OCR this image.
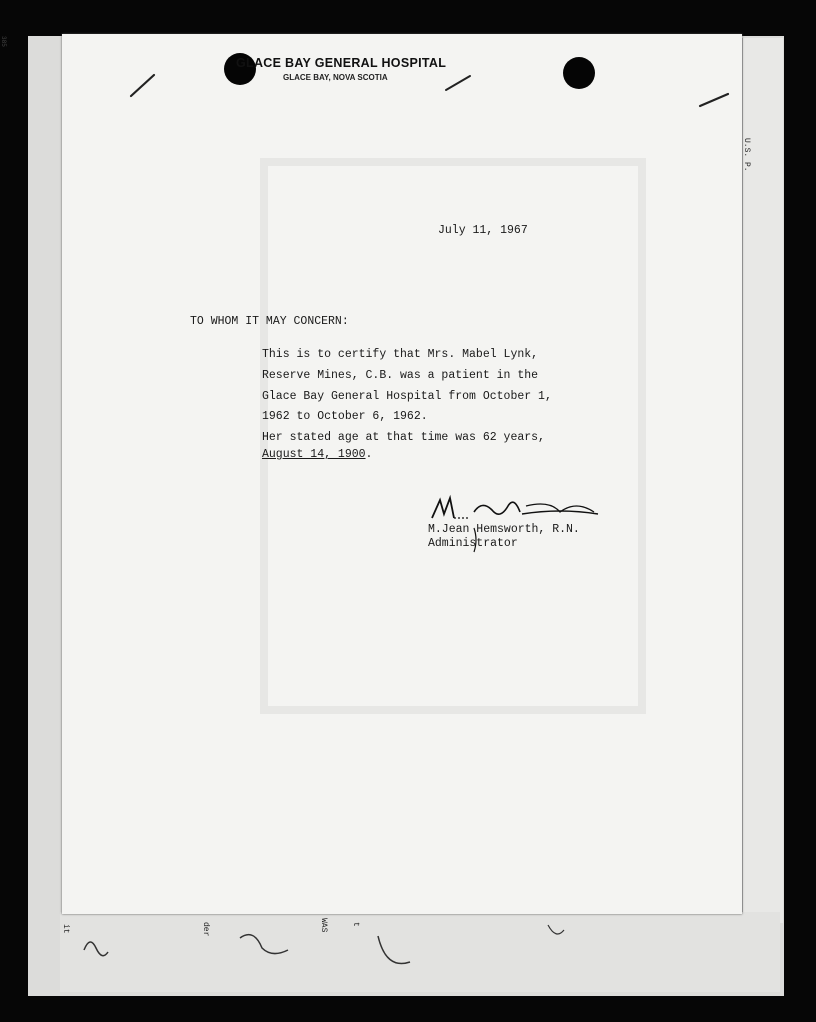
U.S. P.
it	der	WAS	t
385
GLACE BAY GENERAL HOSPITAL
GLACE BAY, NOVA SCOTIA
July 11, 1967
TO WHOM IT MAY CONCERN:
This is to certify that Mrs. Mabel Lynk,
Reserve Mines, C.B. was a patient in the
Glace Bay General Hospital from October 1,
1962 to October 6, 1962.
Her stated age at that time was 62 years,
August 14, 1900.
M.Jean Hemsworth, R.N.
Administrator
